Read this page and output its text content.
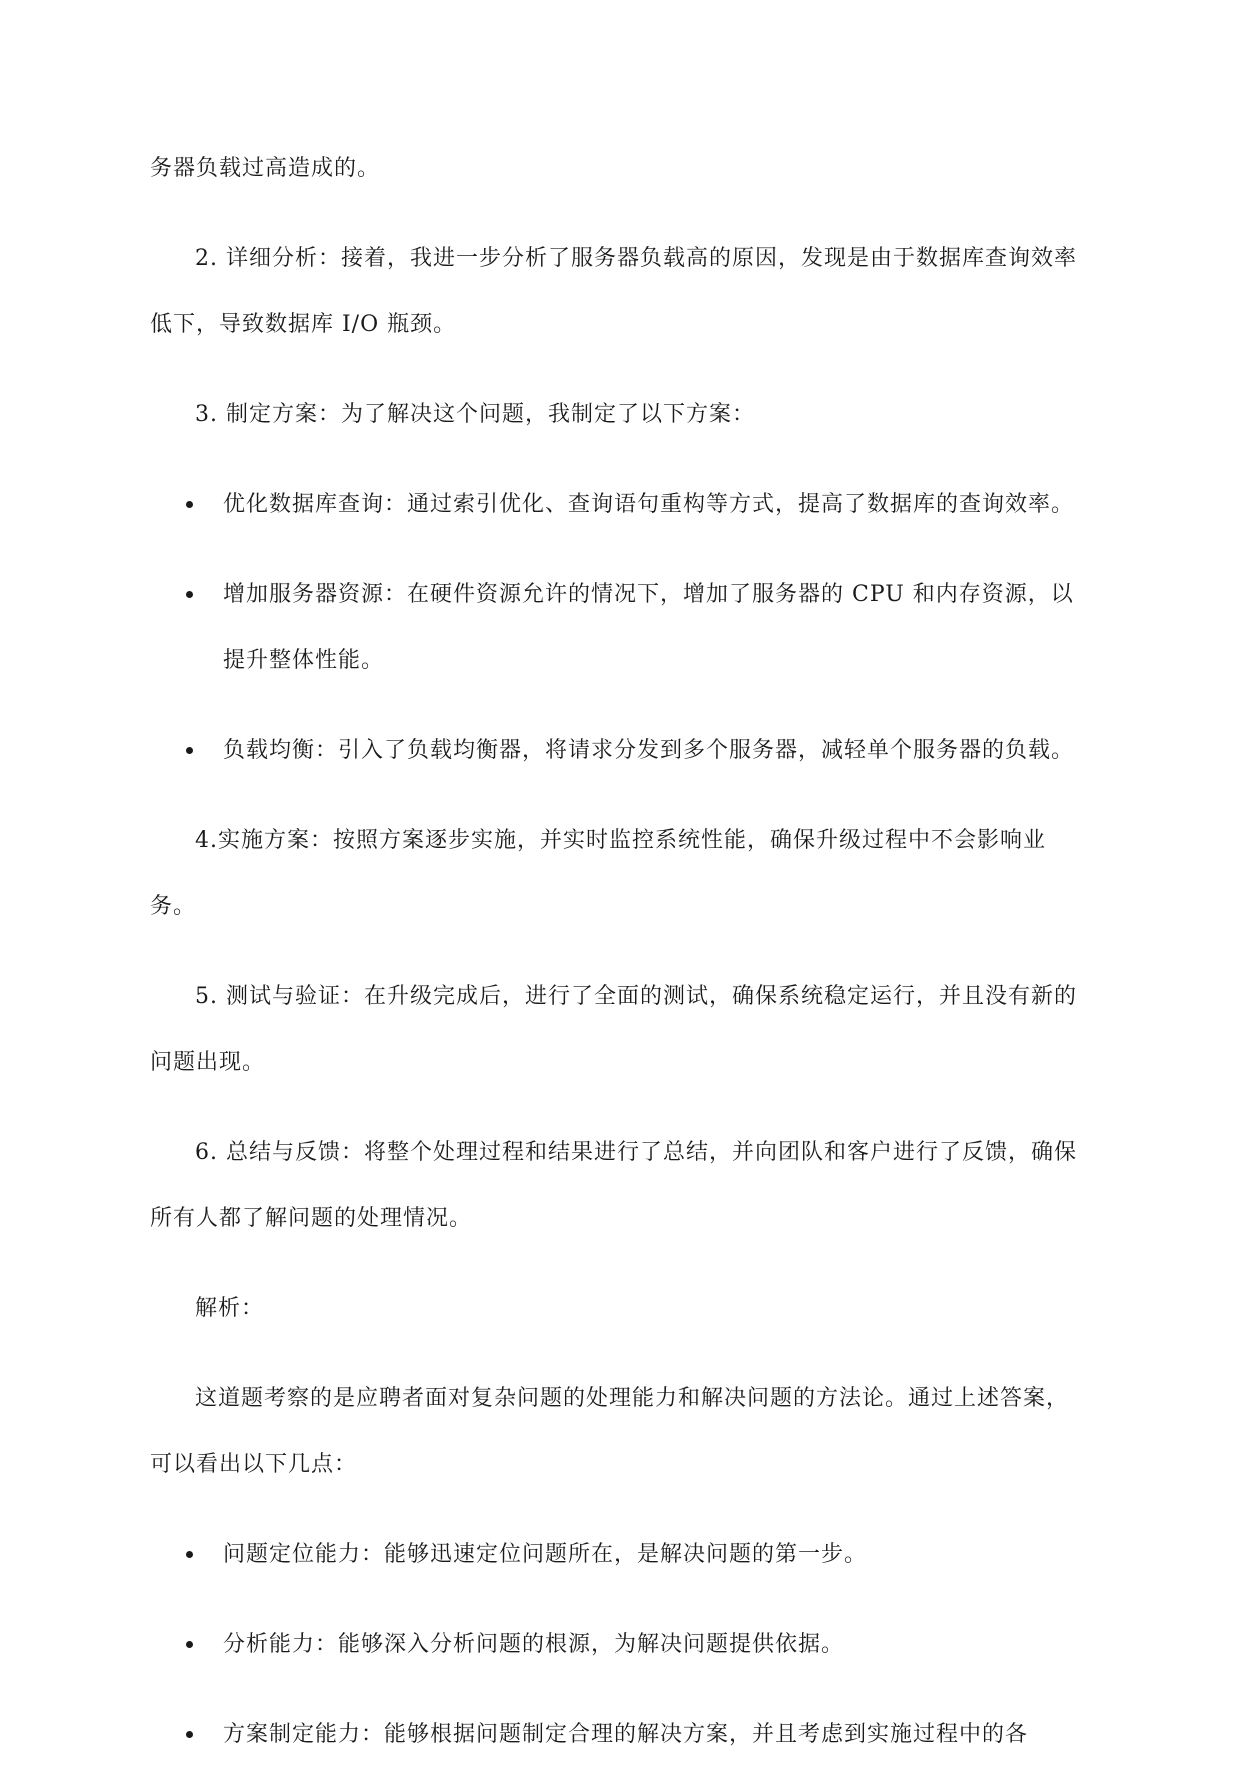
务器负载过高造成的。

2. 详细分析：接着，我进一步分析了服务器负载高的原因，发现是由于数据库查询效率低下，导致数据库 I/O 瓶颈。

3. 制定方案：为了解决这个问题，我制定了以下方案：

优化数据库查询：通过索引优化、查询语句重构等方式，提高了数据库的查询效率。
增加服务器资源：在硬件资源允许的情况下，增加了服务器的 CPU 和内存资源，以提升整体性能。
负载均衡：引入了负载均衡器，将请求分发到多个服务器，减轻单个服务器的负载。

4.实施方案：按照方案逐步实施，并实时监控系统性能，确保升级过程中不会影响业务。

5. 测试与验证：在升级完成后，进行了全面的测试，确保系统稳定运行，并且没有新的问题出现。

6. 总结与反馈：将整个处理过程和结果进行了总结，并向团队和客户进行了反馈，确保所有人都了解问题的处理情况。

解析：

这道题考察的是应聘者面对复杂问题的处理能力和解决问题的方法论。通过上述答案，可以看出以下几点：

问题定位能力：能够迅速定位问题所在，是解决问题的第一步。
分析能力：能够深入分析问题的根源，为解决问题提供依据。
方案制定能力：能够根据问题制定合理的解决方案，并且考虑到实施过程中的各
